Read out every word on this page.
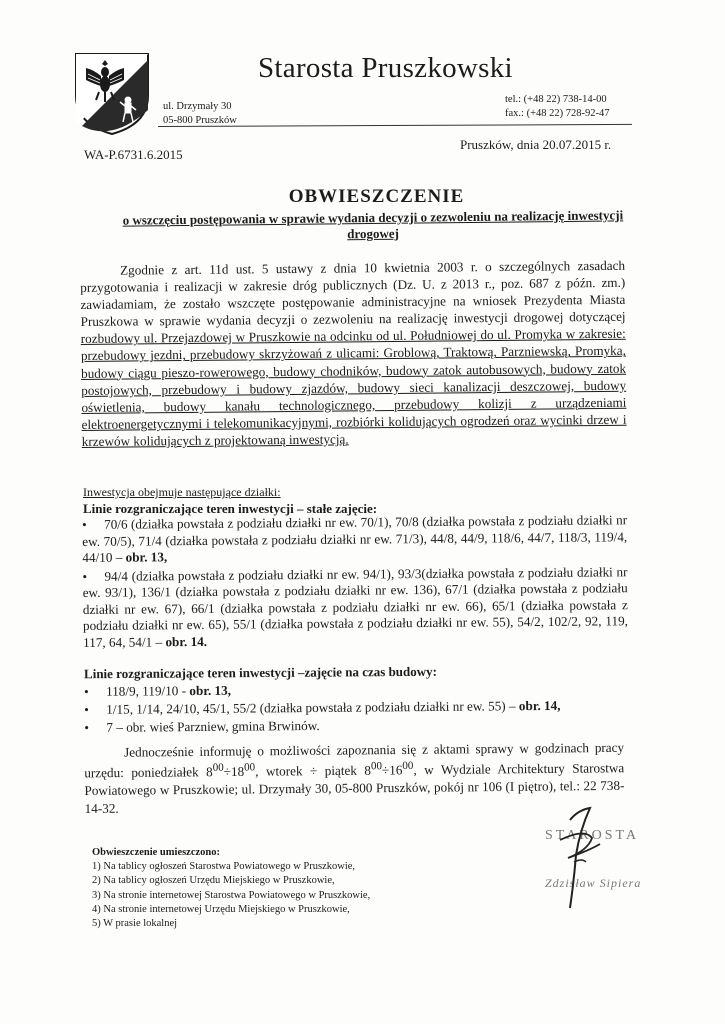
Starosta Pruszkowski
ul. Drzymały 30
05-800 Pruszków
tel.: (+48 22) 738-14-00
fax.: (+48 22) 728-92-47
WA-P.6731.6.2015
Pruszków, dnia 20.07.2015 r.
OBWIESZCZENIE
o wszczęciu postępowania w sprawie wydania decyzji o zezwoleniu na realizację inwestycji drogowej
Zgodnie z art. 11d ust. 5 ustawy z dnia 10 kwietnia 2003 r. o szczególnych zasadach przygotowania i realizacji w zakresie dróg publicznych (Dz. U. z 2013 r., poz. 687 z późn. zm.) zawiadamiam, że zostało wszczęte postępowanie administracyjne na wniosek Prezydenta Miasta Pruszkowa w sprawie wydania decyzji o zezwoleniu na realizację inwestycji drogowej dotyczącej rozbudowy ul. Przejazdowej w Pruszkowie na odcinku od ul. Południowej do ul. Promyka w zakresie: przebudowy jezdni, przebudowy skrzyżowań z ulicami: Groblową, Traktową, Parzniewską, Promyka, budowy ciągu pieszo-rowerowego, budowy chodników, budowy zatok autobusowych, budowy zatok postojowych, przebudowy i budowy zjazdów, budowy sieci kanalizacji deszczowej, budowy oświetlenia, budowy kanału technologicznego, przebudowy kolizji z urządzeniami elektroenergetycznymi i telekomunikacyjnymi, rozbiórki kolidujących ogrodzeń oraz wycinki drzew i krzewów kolidujących z projektowaną inwestycją.
Inwestycja obejmuje następujące działki:
Linie rozgraniczające teren inwestycji – stałe zajęcie:
• 70/6 (działka powstała z podziału działki nr ew. 70/1), 70/8 (działka powstała z podziału działki nr ew. 70/5), 71/4 (działka powstała z podziału działki nr ew. 71/3), 44/8, 44/9, 118/6, 44/7, 118/3, 119/4, 44/10 – obr. 13,
• 94/4 (działka powstała z podziału działki nr ew. 94/1), 93/3(działka powstała z podziału działki nr ew. 93/1), 136/1 (działka powstała z podziału działki nr ew. 136), 67/1 (działka powstała z podziału działki nr ew. 67), 66/1 (działka powstała z podziału działki nr ew. 66), 65/1 (działka powstała z podziału działki nr ew. 65), 55/1 (działka powstała z podziału działki nr ew. 55), 54/2, 102/2, 92, 119, 117, 64, 54/1 – obr. 14.
Linie rozgraniczające teren inwestycji –zajęcie na czas budowy:
• 118/9, 119/10 - obr. 13,
• 1/15, 1/14, 24/10, 45/1, 55/2 (działka powstała z podziału działki nr ew. 55) – obr. 14,
• 7 – obr. wieś Parzniew, gmina Brwinów.
Jednocześnie informuję o możliwości zapoznania się z aktami sprawy w godzinach pracy urzędu: poniedziałek $8^{00}\div 18^{00}$, wtorek ÷ piątek $8^{00}\div 16^{00}$, w Wydziale Architektury Starostwa Powiatowego w Pruszkowie; ul. Drzymały 30, 05-800 Pruszków, pokój nr 106 (I piętro), tel.: 22 738-14-32.
Obwieszczenie umieszczono:
1) Na tablicy ogłoszeń Starostwa Powiatowego w Pruszkowie,
2) Na tablicy ogłoszeń Urzędu Miejskiego w Pruszkowie,
3) Na stronie internetowej Starostwa Powiatowego w Pruszkowie,
4) Na stronie internetowej Urzędu Miejskiego w Pruszkowie,
5) W prasie lokalnej
STAROSTA
Zdzisław Sipiera
